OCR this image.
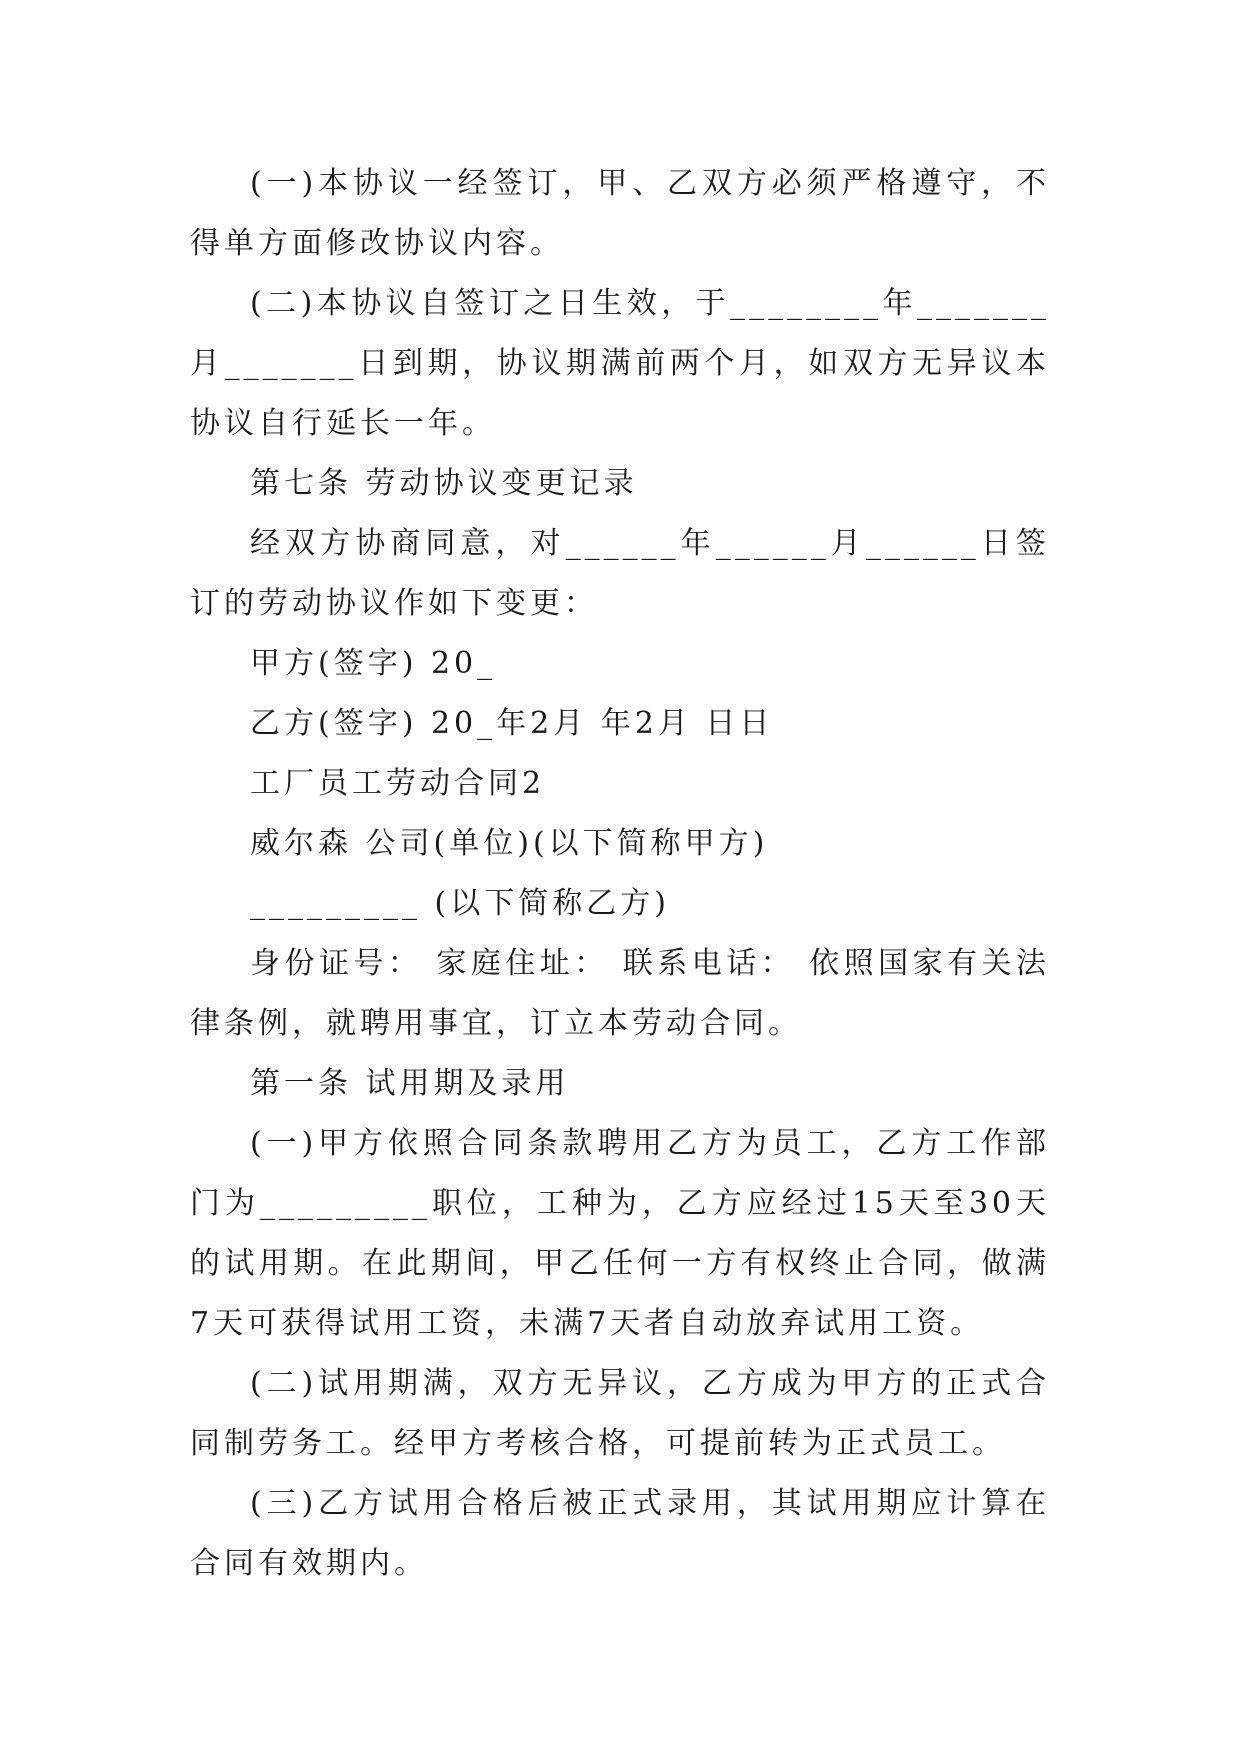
(一)本协议一经签订，甲、乙双方必须严格遵守，不得单方面修改协议内容。

(二)本协议自签订之日生效，于________年_______月_______日到期，协议期满前两个月，如双方无异议本协议自行延长一年。

第七条 劳动协议变更记录

经双方协商同意，对______年______月______日签订的劳动协议作如下变更：

甲方(签字) 20_

乙方(签字) 20_年2月 年2月 日日

工厂员工劳动合同2

威尔森 公司(单位)(以下简称甲方)

_________ (以下简称乙方)

身份证号： 家庭住址： 联系电话： 依照国家有关法律条例，就聘用事宜，订立本劳动合同。

第一条 试用期及录用

(一)甲方依照合同条款聘用乙方为员工，乙方工作部门为_________职位，工种为，乙方应经过15天至30天的试用期。在此期间，甲乙任何一方有权终止合同，做满7天可获得试用工资，未满7天者自动放弃试用工资。

(二)试用期满，双方无异议，乙方成为甲方的正式合同制劳务工。经甲方考核合格，可提前转为正式员工。

(三)乙方试用合格后被正式录用，其试用期应计算在合同有效期内。
